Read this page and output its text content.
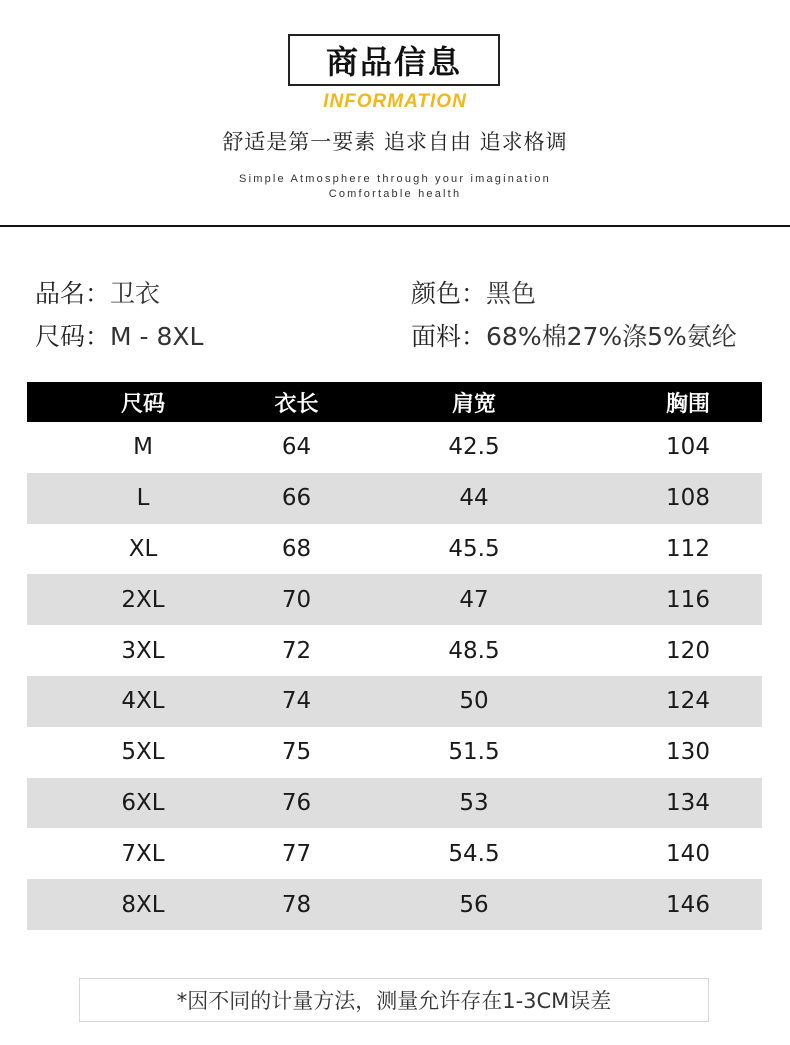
商品信息
INFORMATION
舒适是第一要素 追求自由 追求格调
Simple Atmosphere through your imagination
Comfortable health
品名：卫衣
尺码：M - 8XL
颜色：黑色
面料：68%棉27%涤5%氨纶
尺码	衣长	肩宽	胸围
M	64	42.5	104
L	66	44	108
XL	68	45.5	112
2XL	70	47	116
3XL	72	48.5	120
4XL	74	50	124
5XL	75	51.5	130
6XL	76	53	134
7XL	77	54.5	140
8XL	78	56	146
*因不同的计量方法，测量允许存在1-3CM误差
